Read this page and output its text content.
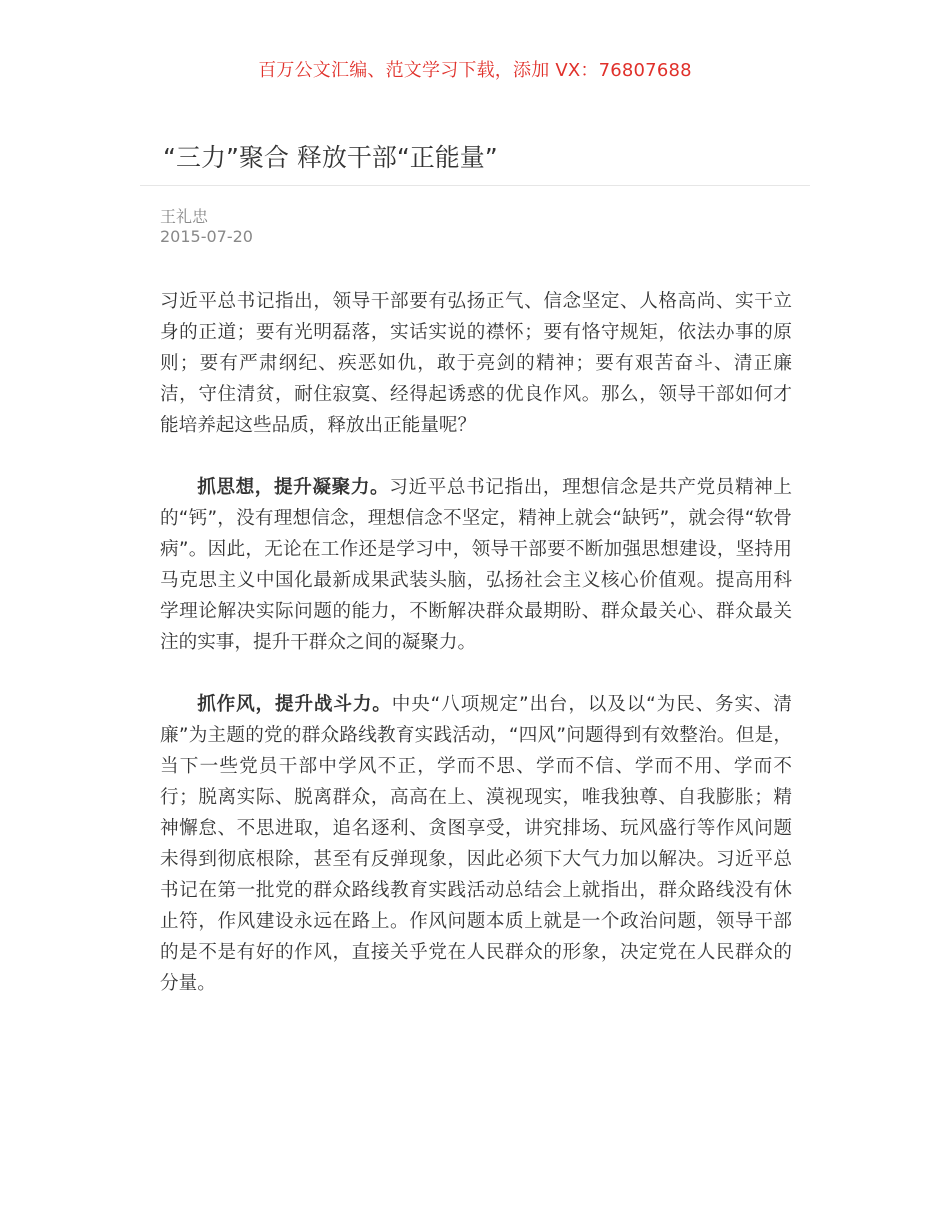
百万公文汇编、范文学习下载，添加 VX：76807688
“三力”聚合 释放干部“正能量”
王礼忠
2015-07-20

习近平总书记指出，领导干部要有弘扬正气、信念坚定、人格高尚、实干立身的正道；要有光明磊落，实话实说的襟怀；要有恪守规矩，依法办事的原则；要有严肃纲纪、疾恶如仇，敢于亮剑的精神；要有艰苦奋斗、清正廉洁，守住清贫，耐住寂寞、经得起诱惑的优良作风。那么，领导干部如何才能培养起这些品质，释放出正能量呢？

抓思想，提升凝聚力。习近平总书记指出，理想信念是共产党员精神上的“钙”，没有理想信念，理想信念不坚定，精神上就会“缺钙”，就会得“软骨病”。因此，无论在工作还是学习中，领导干部要不断加强思想建设，坚持用马克思主义中国化最新成果武装头脑，弘扬社会主义核心价值观。提高用科学理论解决实际问题的能力，不断解决群众最期盼、群众最关心、群众最关注的实事，提升干群众之间的凝聚力。

抓作风，提升战斗力。中央“八项规定”出台，以及以“为民、务实、清廉”为主题的党的群众路线教育实践活动，“四风”问题得到有效整治。但是，当下一些党员干部中学风不正，学而不思、学而不信、学而不用、学而不行；脱离实际、脱离群众，高高在上、漠视现实，唯我独尊、自我膨胀；精神懈怠、不思进取，追名逐利、贪图享受，讲究排场、玩风盛行等作风问题未得到彻底根除，甚至有反弹现象，因此必须下大气力加以解决。习近平总书记在第一批党的群众路线教育实践活动总结会上就指出，群众路线没有休止符，作风建设永远在路上。作风问题本质上就是一个政治问题，领导干部的是不是有好的作风，直接关乎党在人民群众的形象，决定党在人民群众的分量。
